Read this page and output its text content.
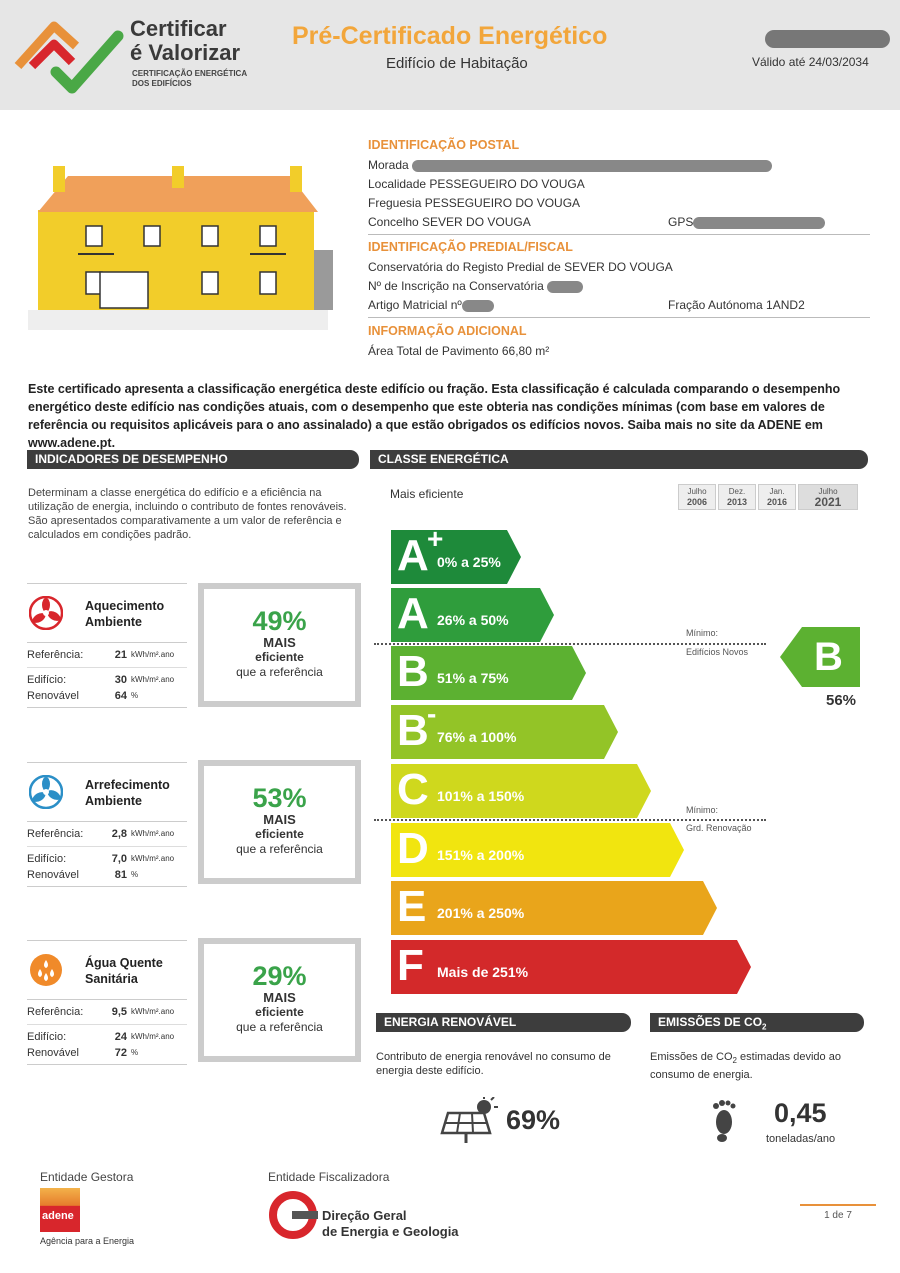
Certificar
é Valorizar
CERTIFICAÇÃO ENERGÉTICA DOS EDIFÍCIOS
Pré-Certificado Energético
Edifício de Habitação	Válido até 24/03/2034
IDENTIFICAÇÃO POSTAL
Morada
Localidade PESSEGUEIRO DO VOUGA
Freguesia PESSEGUEIRO DO VOUGA
Concelho SEVER DO VOUGA	GPS
IDENTIFICAÇÃO PREDIAL/FISCAL
Conservatória do Registo Predial de SEVER DO VOUGA
Nº de Inscrição na Conservatória
Artigo Matricial nº	Fração Autónoma 1AND2
INFORMAÇÃO ADICIONAL
Área Total de Pavimento 66,80 m²
Este certificado apresenta a classificação energética deste edifício ou fração. Esta classificação é calculada comparando o desempenho energético deste edifício nas condições atuais, com o desempenho que este obteria nas condições mínimas (com base em valores de referência ou requisitos aplicáveis para o ano assinalado) a que estão obrigados os edifícios novos. Saiba mais no site da ADENE em www.adene.pt.
INDICADORES DE DESEMPENHO	CLASSE ENERGÉTICA
Determinam a classe energética do edifício e a eficiência na utilização de energia, incluindo o contributo de fontes renováveis. São apresentados comparativamente a um valor de referência e calculados em condições padrão.
Aquecimento
Ambiente
Referência:	21 kWh/m².ano
Edifício:	30 kWh/m².ano
Renovável	64 %
49%
MAIS
eficiente
que a referência
Arrefecimento
Ambiente
Referência:	2,8 kWh/m².ano
Edifício:	7,0 kWh/m².ano
Renovável	81 %
53%
MAIS
eficiente
que a referência
Água Quente
Sanitária
Referência:	9,5 kWh/m².ano
Edifício:	24 kWh/m².ano
Renovável	72 %
29%
MAIS
eficiente
que a referência
Mais eficiente	Julho
2006
Dez.
2013
Jan.
2016
Julho
2021
A
+
0% a 25%
A 26% a 50%
B 51% a 75%
B
-
76% a 100%
C 101% a 150%
D 151% a 200%
E 201% a 250%
F Mais de 251%
Mínimo:
Edifícios Novos
Mínimo:
Grd. Renovação
B
56%
ENERGIA RENOVÁVEL	EMISSÕES DE $CO_2$
Contributo de energia renovável no consumo de energia deste edifício.
Emissões de $CO_2$ estimadas devido ao consumo de energia.
69%	0,45
toneladas/ano
Entidade Gestora
adene
Agência para a Energia
Entidade Fiscalizadora
Direção Geral
de Energia e Geologia
1 de 7
